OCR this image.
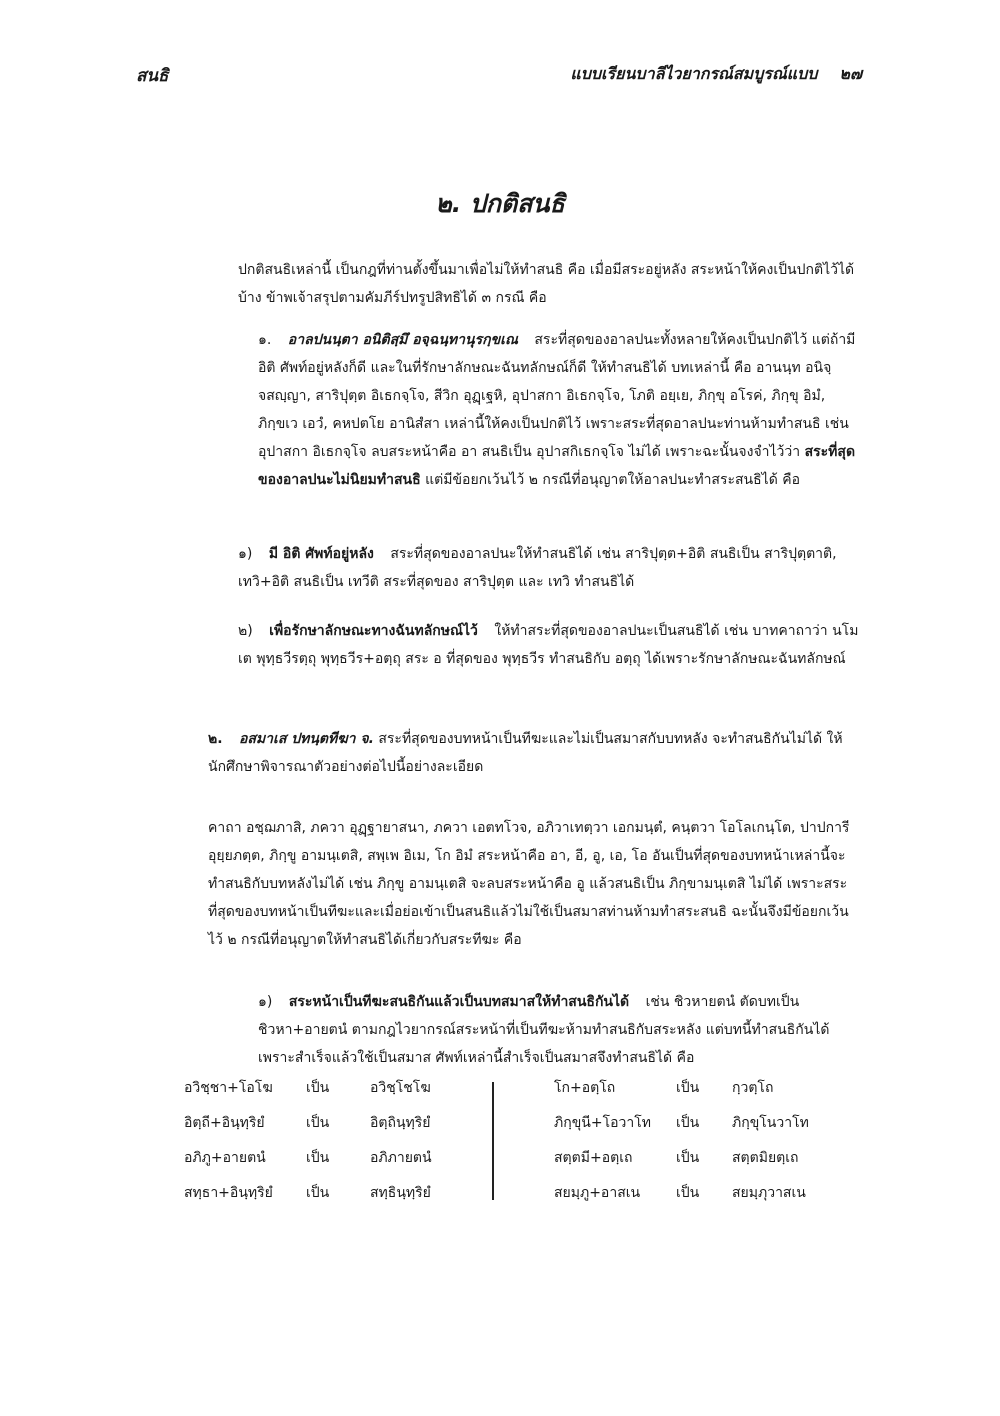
สนธิ	แบบเรียนบาลีไวยากรณ์สมบูรณ์แบบ ๒๗
๒. ปกติสนธิ

ปกติสนธิเหล่านี้ เป็นกฎที่ท่านตั้งขึ้นมาเพื่อไม่ให้ทำสนธิ คือ เมื่อมีสระอยู่หลัง สระหน้าให้คงเป็นปกติไว้ได้บ้าง ข้าพเจ้าสรุปตามคัมภีร์ปทรูปสิทธิได้ ๓ กรณี คือ

๑. อาลปนนฺตา อนิติสฺมึ อจฺฉนฺทานุรกฺขเณ สระที่สุดของอาลปนะทั้งหลายให้คงเป็นปกติไว้ แต่ถ้ามี อิติ ศัพท์อยู่หลังก็ดี และในที่รักษาลักษณะฉันทลักษณ์ก็ดี ให้ทำสนธิได้ บทเหล่านี้ คือ อานนฺท อนิจฺจสญฺญา, สาริปุตฺต อิเธกจฺโจ, สีวิก อุฏฺเฐหิ, อุปาสกา อิเธกจฺโจ, โภติ อยฺเย, ภิกฺขุ อโรค่, ภิกฺขุ อิมํ, ภิกฺขเว เอวํ, คหปตโย อานิสํสา เหล่านี้ให้คงเป็นปกติไว้ เพราะสระที่สุดอาลปนะท่านห้ามทำสนธิ เช่น อุปาสกา อิเธกจฺโจ ลบสระหน้าคือ อา สนธิเป็น อุปาสกิเธกจฺโจ ไม่ได้ เพราะฉะนั้นจงจำไว้ว่า สระที่สุดของอาลปนะไม่นิยมทำสนธิ แต่มีข้อยกเว้นไว้ ๒ กรณีที่อนุญาตให้อาลปนะทำสระสนธิได้ คือ

๑) มี อิติ ศัพท์อยู่หลัง สระที่สุดของอาลปนะให้ทำสนธิได้ เช่น สาริปุตฺต+อิติ สนธิเป็น สาริปุตฺตาติ, เทวิ+อิติ สนธิเป็น เทวีติ สระที่สุดของ สาริปุตฺต และ เทวิ ทำสนธิได้

๒) เพื่อรักษาลักษณะทางฉันทลักษณ์ไว้ ให้ทำสระที่สุดของอาลปนะเป็นสนธิได้ เช่น บาทคาถาว่า นโม เต พุทฺธวีรตฺถุ พุทฺธวีร+อตฺถุ สระ อ ที่สุดของ พุทฺธวีร ทำสนธิกับ อตฺถุ ได้เพราะรักษาลักษณะฉันทลักษณ์

๒. อสมาเส ปทนฺตทีฆา จ. สระที่สุดของบทหน้าเป็นทีฆะและไม่เป็นสมาสกับบทหลัง จะทำสนธิกันไม่ได้ ให้นักศึกษาพิจารณาตัวอย่างต่อไปนี้อย่างละเอียด

คาถา อชฺฌภาสิ, ภควา อุฏฺฐายาสนา, ภควา เอตทโวจ, อภิวาเทตฺวา เอกมนฺตํ, คนฺตวา โอโลเกนฺโต, ปาปการี อุยฺยภตฺต, ภิกฺขู อามนฺเตสิ, สพฺเพ อิเม, โก อิมํ สระหน้าคือ อา, อี, อู, เอ, โอ อันเป็นที่สุดของบทหน้าเหล่านี้จะทำสนธิกับบทหลังไม่ได้ เช่น ภิกฺขู อามนฺเตสิ จะลบสระหน้าคือ อู แล้วสนธิเป็น ภิกฺขามนฺเตสิ ไม่ได้ เพราะสระที่สุดของบทหน้าเป็นทีฆะและเมื่อย่อเข้าเป็นสนธิแล้วไม่ใช้เป็นสมาสท่านห้ามทำสระสนธิ ฉะนั้นจึงมีข้อยกเว้นไว้ ๒ กรณีที่อนุญาตให้ทำสนธิได้เกี่ยวกับสระทีฆะ คือ

๑) สระหน้าเป็นทีฆะสนธิกันแล้วเป็นบทสมาสให้ทำสนธิกันได้ เช่น ชิวหายตนํ ตัดบทเป็น ชิวหา+อายตนํ ตามกฎไวยากรณ์สระหน้าที่เป็นทีฆะห้ามทำสนธิกับสระหลัง แต่บทนี้ทำสนธิกันได้เพราะสำเร็จแล้วใช้เป็นสมาส ศัพท์เหล่านี้สำเร็จเป็นสมาสจึงทำสนธิได้ คือ

อวิชฺชา+โอโฆ
อิตฺถี+อินฺทฺริยํ
อภิภู+อายตนํ
สทฺธา+อินฺทฺริยํ
เป็น
เป็น
เป็น
เป็น
อวิชฺโชโฆ
อิตฺถินฺทฺริยํ
อภิภายตนํ
สทฺธินฺทฺริยํ
โก+อตฺโถ
ภิกฺขุนี+โอวาโท
สตฺตมี+อตฺเถ
สยมฺภู+อาสเน
เป็น
เป็น
เป็น
เป็น
กฺวตฺโถ
ภิกฺขุโนวาโท
สตฺตมิยตฺเถ
สยมฺภุวาสเน
